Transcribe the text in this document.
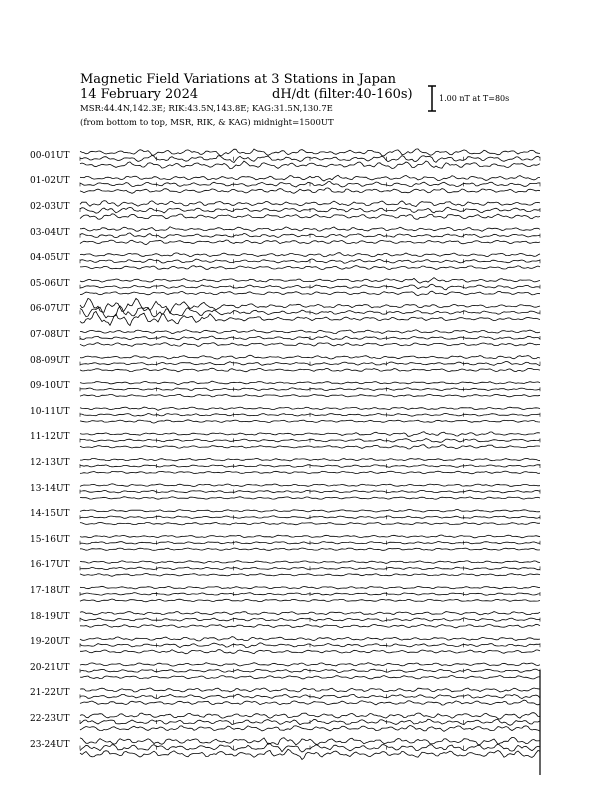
Magnetic Field Variations at 3 Stations in Japan
14 February 2024	dH/dt (filter:40-160s)
MSR:44.4N,142.3E; RIK:43.5N,143.8E; KAG:31.5N,130.7E
(from bottom to top, MSR, RIK, & KAG) midnight=1500UT
1.00 nT at T=80s
00-01UT
01-02UT
02-03UT
03-04UT
04-05UT
05-06UT
06-07UT
07-08UT
08-09UT
09-10UT
10-11UT
11-12UT
12-13UT
13-14UT
14-15UT
15-16UT
16-17UT
17-18UT
18-19UT
19-20UT
20-21UT
21-22UT
22-23UT
23-24UT
